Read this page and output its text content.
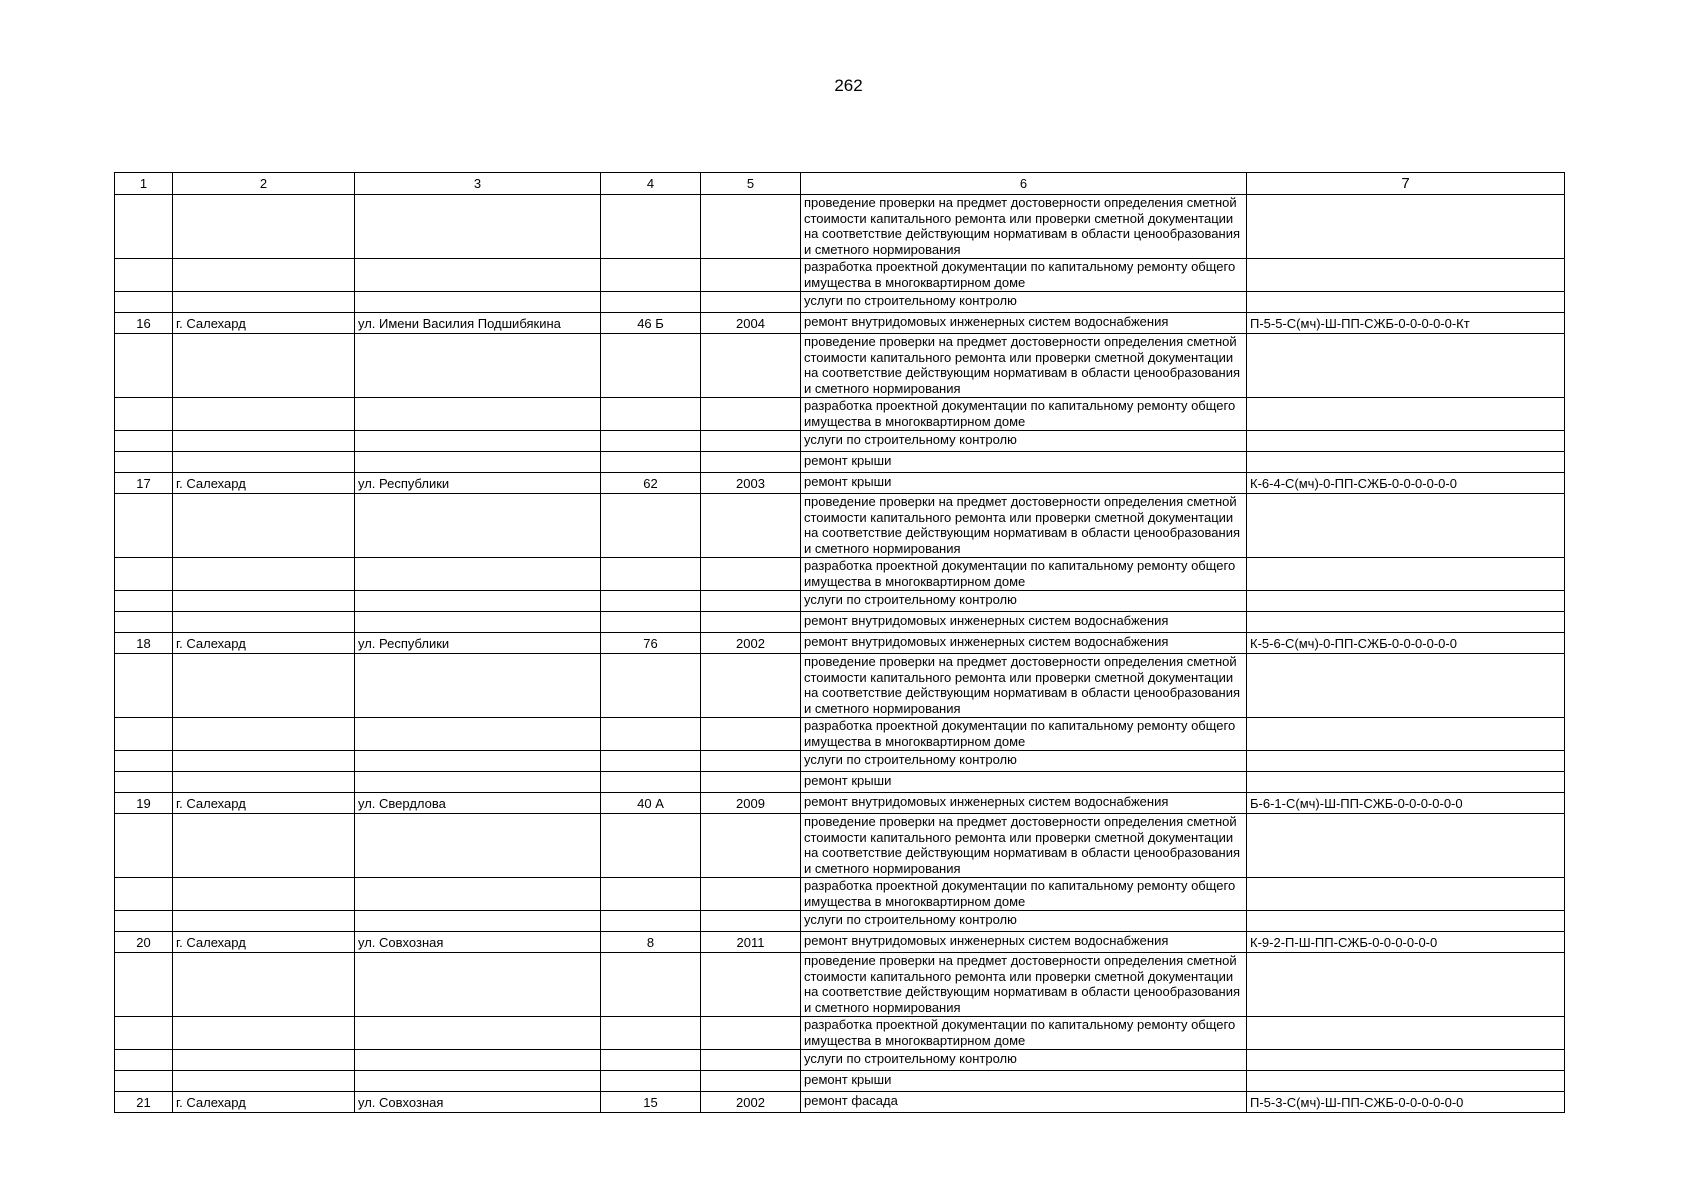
262
1	2	3	4	5	6	7
					проведение проверки на предмет достоверности определения сметной стоимости капитального ремонта или проверки сметной документации на соответствие действующим нормативам в области ценообразования и сметного нормирования	
					разработка проектной документации по капитальному ремонту общего имущества в многоквартирном доме	
					услуги по строительному контролю	
16	г. Салехард	ул. Имени Василия Подшибякина	46 Б	2004	ремонт внутридомовых инженерных систем водоснабжения	П-5-5-С(мч)-Ш-ПП-СЖБ-0-0-0-0-0-Кт
					проведение проверки на предмет достоверности определения сметной стоимости капитального ремонта или проверки сметной документации на соответствие действующим нормативам в области ценообразования и сметного нормирования	
					разработка проектной документации по капитальному ремонту общего имущества в многоквартирном доме	
					услуги по строительному контролю	
					ремонт крыши	
17	г. Салехард	ул. Республики	62	2003	ремонт крыши	К-6-4-С(мч)-0-ПП-СЖБ-0-0-0-0-0-0
					проведение проверки на предмет достоверности определения сметной стоимости капитального ремонта или проверки сметной документации на соответствие действующим нормативам в области ценообразования и сметного нормирования	
					разработка проектной документации по капитальному ремонту общего имущества в многоквартирном доме	
					услуги по строительному контролю	
					ремонт внутридомовых инженерных систем водоснабжения	
18	г. Салехард	ул. Республики	76	2002	ремонт внутридомовых инженерных систем водоснабжения	К-5-6-С(мч)-0-ПП-СЖБ-0-0-0-0-0-0
					проведение проверки на предмет достоверности определения сметной стоимости капитального ремонта или проверки сметной документации на соответствие действующим нормативам в области ценообразования и сметного нормирования	
					разработка проектной документации по капитальному ремонту общего имущества в многоквартирном доме	
					услуги по строительному контролю	
					ремонт крыши	
19	г. Салехард	ул. Свердлова	40 А	2009	ремонт внутридомовых инженерных систем водоснабжения	Б-6-1-С(мч)-Ш-ПП-СЖБ-0-0-0-0-0-0
					проведение проверки на предмет достоверности определения сметной стоимости капитального ремонта или проверки сметной документации на соответствие действующим нормативам в области ценообразования и сметного нормирования	
					разработка проектной документации по капитальному ремонту общего имущества в многоквартирном доме	
					услуги по строительному контролю	
20	г. Салехард	ул. Совхозная	8	2011	ремонт внутридомовых инженерных систем водоснабжения	К-9-2-П-Ш-ПП-СЖБ-0-0-0-0-0-0
					проведение проверки на предмет достоверности определения сметной стоимости капитального ремонта или проверки сметной документации на соответствие действующим нормативам в области ценообразования и сметного нормирования	
					разработка проектной документации по капитальному ремонту общего имущества в многоквартирном доме	
					услуги по строительному контролю	
					ремонт крыши	
21	г. Салехард	ул. Совхозная	15	2002	ремонт фасада	П-5-3-С(мч)-Ш-ПП-СЖБ-0-0-0-0-0-0
